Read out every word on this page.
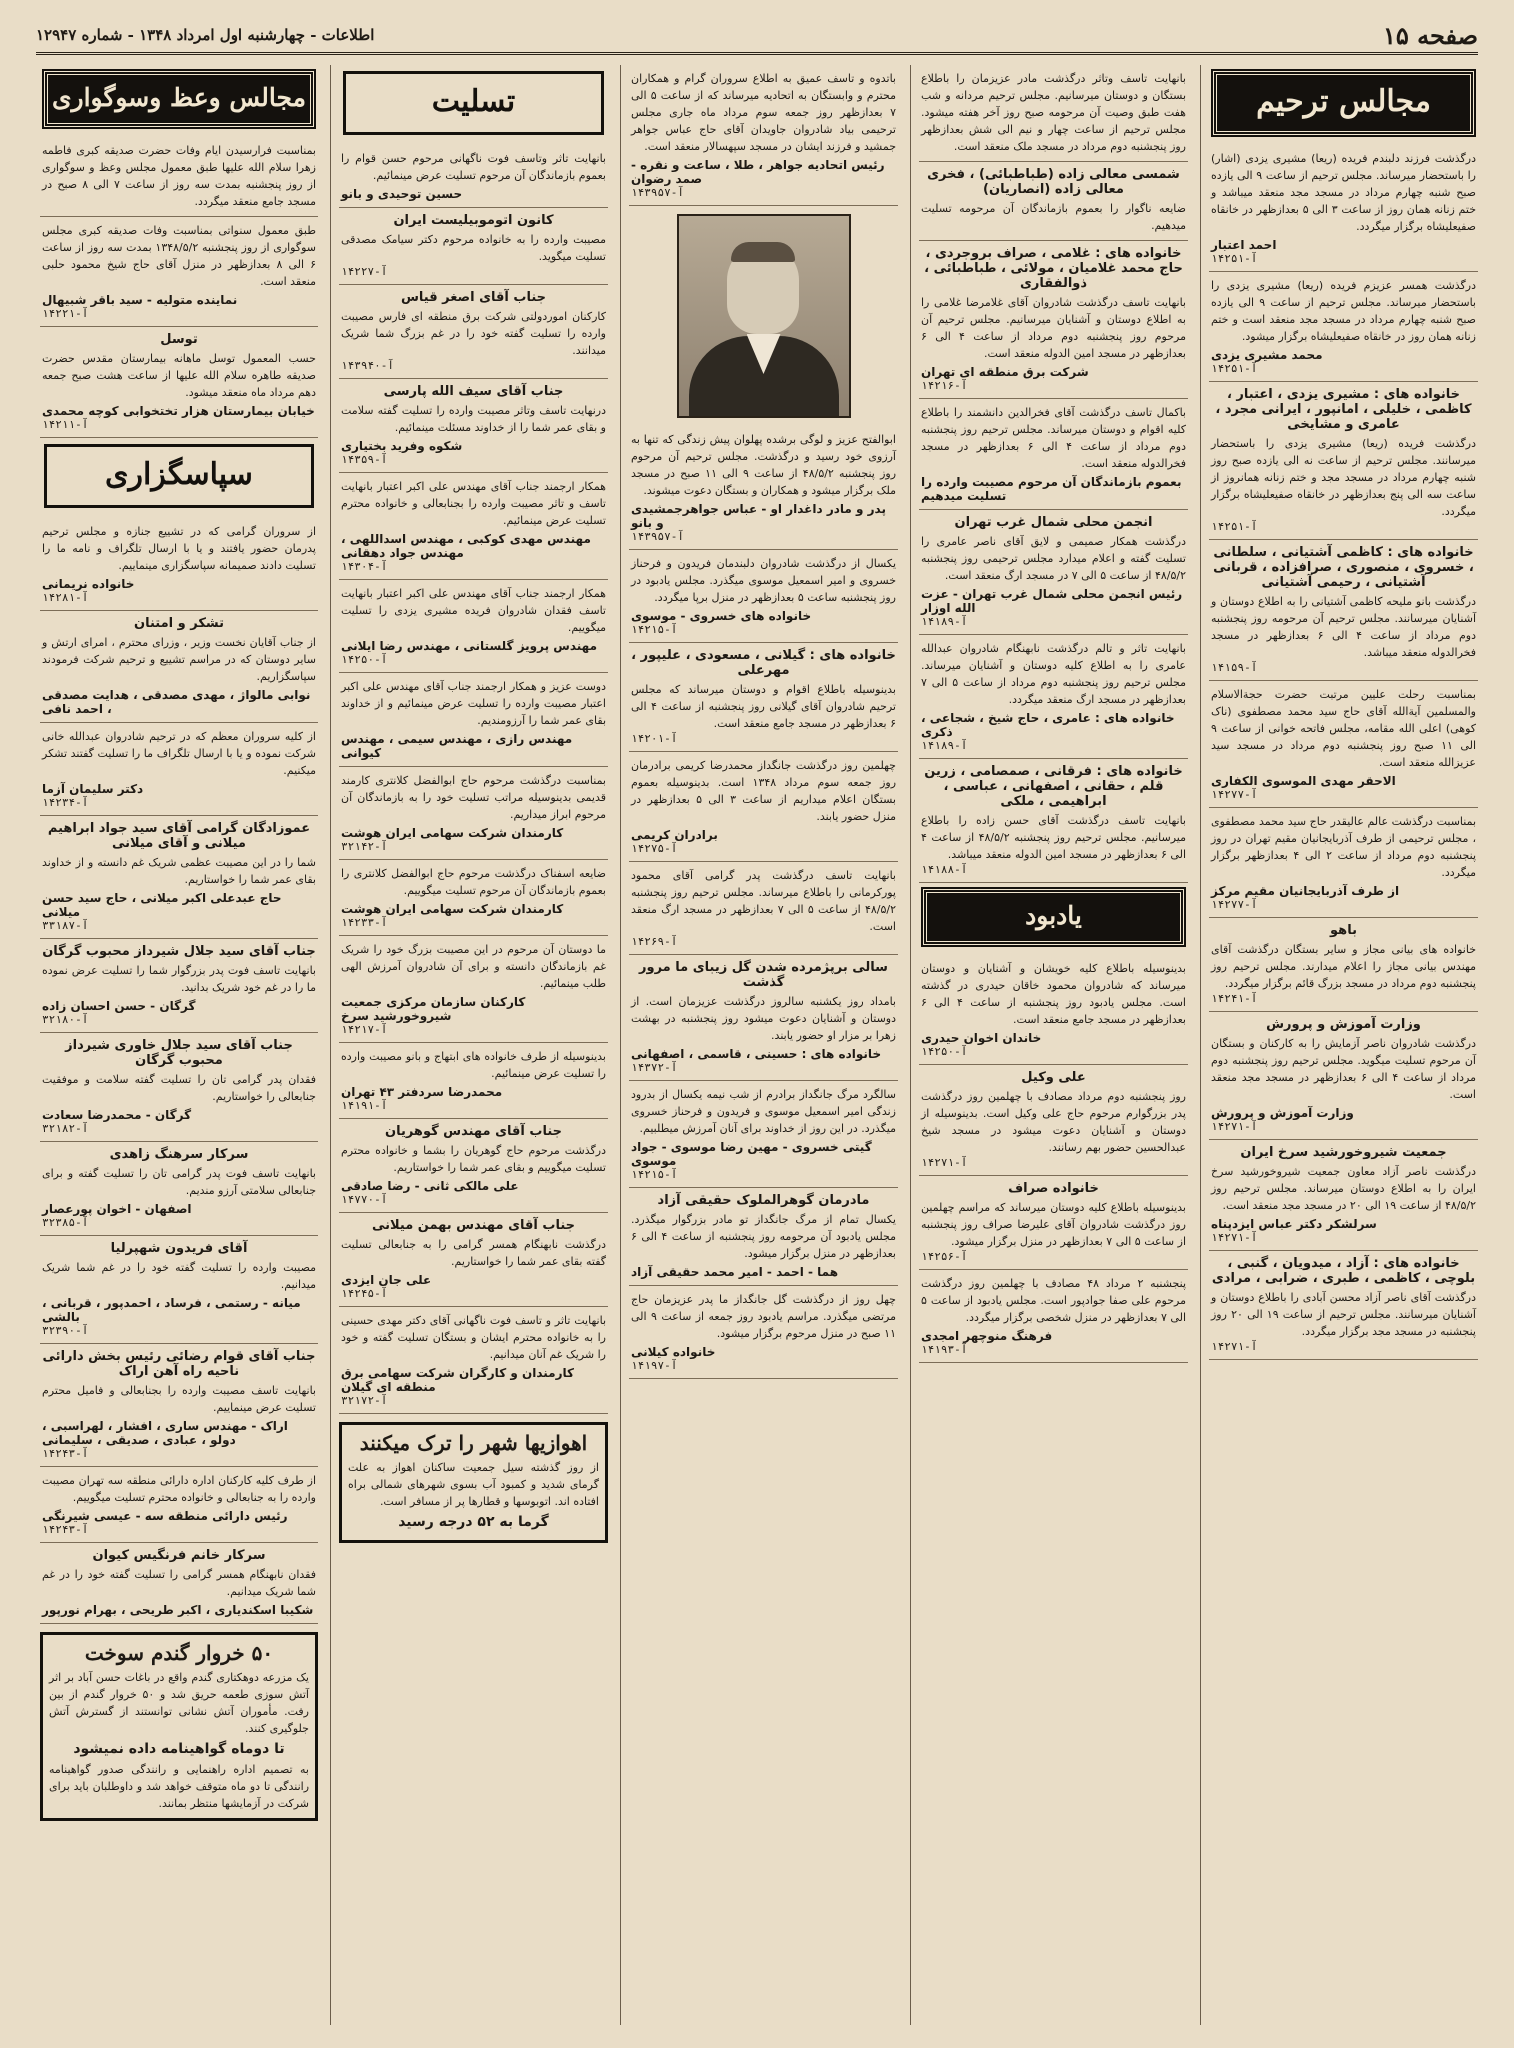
صفحه ۱۵
اطلاعات - چهارشنبه اول امرداد ۱۳۴۸ - شماره ۱۲۹۴۷
مجالس ترحیم
درگذشت فرزند دلبندم فریده (ریعا) مشیری یزدی (اشار) را باستحضار میرساند. مجلس ترحیم از ساعت ۹ الی یازده صبح شنبه چهارم مرداد در مسجد مجد منعقد میباشد و ختم زنانه همان روز از ساعت ۳ الی ۵ بعدازظهر در خانقاه صفیعلیشاه برگزار میگردد.
احمد اعتبار
آ-۱۴۲۵۱
درگذشت همسر عزیزم فریده (ریعا) مشیری یزدی را باستحضار میرساند. مجلس ترحیم از ساعت ۹ الی یازده صبح شنبه چهارم مرداد در مسجد مجد منعقد است و ختم زنانه همان روز در خانقاه صفیعلیشاه برگزار میشود.
محمد مشیری یزدی
آ-۱۴۲۵۱
خانواده های : مشیری یزدی ، اعتبار ، کاظمی ، خلیلی ، امانپور ، ایرانی مجرد ، عامری و مشایخی
درگذشت فریده (ریعا) مشیری یزدی را باستحضار میرسانند. مجلس ترحیم از ساعت نه الی یازده صبح روز شنبه چهارم مرداد در مسجد مجد و ختم زنانه همانروز از ساعت سه الی پنج بعدازظهر در خانقاه صفیعلیشاه برگزار میگردد.
آ-۱۴۲۵۱
خانواده های : کاظمی آشتیانی ، سلطانی ، خسروی ، منصوری ، صرافزاده ، قربانی آشتیانی ، رحیمی آشتیانی
درگذشت بانو ملیحه کاظمی آشتیانی را به اطلاع دوستان و آشنایان میرسانند. مجلس ترحیم آن مرحومه روز پنجشنبه دوم مرداد از ساعت ۴ الی ۶ بعدازظهر در مسجد فخرالدوله منعقد میباشد.
آ-۱۴۱۵۹
بمناسبت رحلت علیین مرتبت حضرت حجةالاسلام والمسلمین آیةالله آقای حاج سید محمد مصطفوی (ناک کوهی) اعلی الله مقامه، مجلس فاتحه خوانی از ساعت ۹ الی ۱۱ صبح روز پنجشنبه دوم مرداد در مسجد سید عزیزالله منعقد است.
الاحقر مهدی الموسوی الکفاری
آ-۱۴۲۷۷
بمناسبت درگذشت عالم عالیقدر حاج سید محمد مصطفوی ، مجلس ترحیمی از طرف آذربایجانیان مقیم تهران در روز پنجشنبه دوم مرداد از ساعت ۲ الی ۴ بعدازظهر برگزار میگردد.
از طرف آذربایجانیان مقیم مرکز
آ-۱۴۲۷۷
باهو
خانواده های بیانی مجاز و سایر بستگان درگذشت آقای مهندس بیانی مجاز را اعلام میدارند. مجلس ترحیم روز پنجشنبه دوم مرداد در مسجد بزرگ قائم برگزار میگردد.
آ-۱۴۲۴۱
وزارت آموزش و پرورش
درگذشت شادروان ناصر آزمایش را به کارکنان و بستگان آن مرحوم تسلیت میگوید. مجلس ترحیم روز پنجشنبه دوم مرداد از ساعت ۴ الی ۶ بعدازظهر در مسجد مجد منعقد است.
وزارت آموزش و پرورش
آ-۱۴۲۷۱
جمعیت شیروخورشید سرخ ایران
درگذشت ناصر آزاد معاون جمعیت شیروخورشید سرخ ایران را به اطلاع دوستان میرساند. مجلس ترحیم روز ۴۸/۵/۲ از ساعت ۱۹ الی ۲۰ در مسجد مجد منعقد است.
سرلشکر دکتر عباس ایزدپناه
آ-۱۴۲۷۱
خانواده های : آزاد ، میدویان ، گنبی ، بلوچی ، کاظمی ، طبری ، ضرابی ، مرادی
درگذشت آقای ناصر آزاد محسن آبادی را باطلاع دوستان و آشنایان میرسانند. مجلس ترحیم از ساعت ۱۹ الی ۲۰ روز پنجشنبه در مسجد مجد برگزار میگردد.
آ-۱۴۲۷۱
بانهایت تاسف وتاثر درگذشت مادر عزیزمان را باطلاع بستگان و دوستان میرسانیم. مجلس ترحیم مردانه و شب هفت طبق وصیت آن مرحومه صبح روز آخر هفته میشود. مجلس ترحیم از ساعت چهار و نیم الی شش بعدازظهر روز پنجشنبه دوم مرداد در مسجد ملک منعقد است.
شمسی معالی زاده (طباطبائی) ، فخری معالی زاده (انصاریان)
ضایعه ناگوار را بعموم بازماندگان آن مرحومه تسلیت میدهیم.
خانواده های : غلامی ، صراف بروجردی ، حاج محمد غلامیان ، مولائی ، طباطبائی ، ذوالفقاری
بانهایت تاسف درگذشت شادروان آقای غلامرضا غلامی را به اطلاع دوستان و آشنایان میرسانیم. مجلس ترحیم آن مرحوم روز پنجشنبه دوم مرداد از ساعت ۴ الی ۶ بعدازظهر در مسجد امین الدوله منعقد است.
شرکت برق منطقه ای تهران
آ-۱۴۲۱۶
باکمال تاسف درگذشت آقای فخرالدین دانشمند را باطلاع کلیه اقوام و دوستان میرساند. مجلس ترحیم روز پنجشنبه دوم مرداد از ساعت ۴ الی ۶ بعدازظهر در مسجد فخرالدوله منعقد است.
بعموم بازماندگان آن مرحوم مصیبت وارده را تسلیت میدهیم
انجمن محلی شمال غرب تهران
درگذشت همکار صمیمی و لایق آقای ناصر عامری را تسلیت گفته و اعلام میدارد مجلس ترحیمی روز پنجشنبه ۴۸/۵/۲ از ساعت ۵ الی ۷ در مسجد ارگ منعقد است.
رئیس انجمن محلی شمال غرب تهران - عزت الله اوزار
آ-۱۴۱۸۹
بانهایت تاثر و تالم درگذشت نابهنگام شادروان عبدالله عامری را به اطلاع کلیه دوستان و آشنایان میرساند. مجلس ترحیم روز پنجشنبه دوم مرداد از ساعت ۵ الی ۷ بعدازظهر در مسجد ارگ منعقد میگردد.
خانواده های : عامری ، حاج شیخ ، شجاعی ، ذکری
آ-۱۴۱۸۹
خانواده های : فرقانی ، صمصامی ، زرین قلم ، حقانی ، اصفهانی ، عباسی ، ابراهیمی ، ملکی
بانهایت تاسف درگذشت آقای حسن زاده را باطلاع میرسانیم. مجلس ترحیم روز پنجشنبه ۴۸/۵/۲ از ساعت ۴ الی ۶ بعدازظهر در مسجد امین الدوله منعقد میباشد.
آ-۱۴۱۸۸
یادبود
بدینوسیله باطلاع کلیه خویشان و آشنایان و دوستان میرساند که شادروان محمود خاقان حیدری در گذشته است. مجلس یادبود روز پنجشنبه از ساعت ۴ الی ۶ بعدازظهر در مسجد جامع منعقد است.
خاندان اخوان حیدری
آ-۱۴۲۵۰
علی وکیل
روز پنجشنبه دوم مرداد مصادف با چهلمین روز درگذشت پدر بزرگوارم مرحوم حاج علی وکیل است. بدینوسیله از دوستان و آشنایان دعوت میشود در مسجد شیخ عبدالحسین حضور بهم رسانند.
آ-۱۴۲۷۱
خانواده صراف
بدینوسیله باطلاع کلیه دوستان میرساند که مراسم چهلمین روز درگذشت شادروان آقای علیرضا صراف روز پنجشنبه از ساعت ۵ الی ۷ بعدازظهر در منزل برگزار میشود.
آ-۱۴۲۵۶
پنجشنبه ۲ مرداد ۴۸ مصادف با چهلمین روز درگذشت مرحوم علی صفا جوادپور است. مجلس یادبود از ساعت ۵ الی ۷ بعدازظهر در منزل شخصی برگزار میگردد.
فرهنگ منوچهر امجدی
آ-۱۴۱۹۳
باتدوه و تاسف عمیق به اطلاع سروران گرام و همکاران محترم و وابستگان به اتحادیه میرساند که از ساعت ۵ الی ۷ بعدازظهر روز جمعه سوم مرداد ماه جاری مجلس ترحیمی بیاد شادروان جاویدان آقای حاج عباس جواهر جمشید و فرزند ایشان در مسجد سپهسالار منعقد است.
رئیس اتحادیه جواهر ، طلا ، ساعت و نقره - صمد رضوان
آ-۱۴۳۹۵۷
ابوالفتح عزیز و لوگی برشده پهلوان پیش زندگی که تنها به آرزوی خود رسید و درگذشت. مجلس ترحیم آن مرحوم روز پنجشنبه ۴۸/۵/۲ از ساعت ۹ الی ۱۱ صبح در مسجد ملک برگزار میشود و همکاران و بستگان دعوت میشوند.
پدر و مادر داغدار او - عباس جواهرجمشیدی و بانو
آ-۱۴۳۹۵۷
یکسال از درگذشت شادروان دلبندمان فریدون و فرحناز خسروی و امیر اسمعیل موسوی میگذرد. مجلس یادبود در روز پنجشنبه ساعت ۵ بعدازظهر در منزل برپا میگردد.
خانواده های خسروی - موسوی
آ-۱۴۲۱۵
خانواده های : گیلانی ، مسعودی ، علیپور ، مهرعلی
بدینوسیله باطلاع اقوام و دوستان میرساند که مجلس ترحیم شادروان آقای گیلانی روز پنجشنبه از ساعت ۴ الی ۶ بعدازظهر در مسجد جامع منعقد است.
آ-۱۴۲۰۱
چهلمین روز درگذشت جانگداز محمدرضا کریمی برادرمان روز جمعه سوم مرداد ۱۳۴۸ است. بدینوسیله بعموم بستگان اعلام میداریم از ساعت ۳ الی ۵ بعدازظهر در منزل حضور یابند.
برادران کریمی
آ-۱۴۲۷۵
بانهایت تاسف درگذشت پدر گرامی آقای محمود پورکرمانی را باطلاع میرساند. مجلس ترحیم روز پنجشنبه ۴۸/۵/۲ از ساعت ۵ الی ۷ بعدازظهر در مسجد ارگ منعقد است.
آ-۱۴۲۶۹
سالی برپژمرده شدن گل زیبای ما مرور گذشت
بامداد روز یکشنبه سالروز درگذشت عزیزمان است. از دوستان و آشنایان دعوت میشود روز پنجشنبه در بهشت زهرا بر مزار او حضور یابند.
خانواده های : حسینی ، قاسمی ، اصفهانی
آ-۱۴۳۷۲
سالگرد مرگ جانگداز برادرم از شب نیمه یکسال از بدرود زندگی امیر اسمعیل موسوی و فریدون و فرحناز خسروی میگذرد. در این روز از خداوند برای آنان آمرزش میطلبیم.
گیتی خسروی - مهین رضا موسوی - جواد موسوی
آ-۱۴۲۱۵
مادرمان گوهرالملوک حقیقی آزاد
یکسال تمام از مرگ جانگداز تو مادر بزرگوار میگذرد. مجلس یادبود آن مرحومه روز پنجشنبه از ساعت ۴ الی ۶ بعدازظهر در منزل برگزار میشود.
هما - احمد - امیر محمد حقیقی آزاد
چهل روز از درگذشت گل جانگداز ما پدر عزیزمان حاج مرتضی میگذرد. مراسم یادبود روز جمعه از ساعت ۹ الی ۱۱ صبح در منزل مرحوم برگزار میشود.
خانواده کیلانی
آ-۱۴۱۹۷
تسلیت
بانهایت تاثر وتاسف فوت ناگهانی مرحوم حسن قوام را بعموم بازماندگان آن مرحوم تسلیت عرض مینمائیم.
حسین توحیدی و بانو
کانون اتوموبیلیست ایران
مصیبت وارده را به خانواده مرحوم دکتر سیامک مصدقی تسلیت میگوید.
آ-۱۴۲۲۷
جناب آقای اصغر قیاس
کارکنان اموردولتی شرکت برق منطقه ای فارس مصیبت وارده را تسلیت گفته خود را در غم بزرگ شما شریک میدانند.
آ-۱۴۳۹۴۰
جناب آقای سیف الله پارسی
درنهایت تاسف وتاثر مصیبت وارده را تسلیت گفته سلامت و بقای عمر شما را از خداوند مسئلت مینمائیم.
شکوه وفرید بختیاری
آ-۱۴۳۵۹
همکار ارجمند جناب آقای مهندس علی اکبر اعتبار بانهایت تاسف و تاثر مصیبت وارده را بجنابعالی و خانواده محترم تسلیت عرض مینمائیم.
مهندس مهدی کوکبی ، مهندس اسداللهی ، مهندس جواد دهقانی
آ-۱۴۳۰۴
همکار ارجمند جناب آقای مهندس علی اکبر اعتبار بانهایت تاسف فقدان شادروان فریده مشیری یزدی را تسلیت میگوییم.
مهندس پرویز گلستانی ، مهندس رضا ایلانی
آ-۱۴۲۵۰
دوست عزیز و همکار ارجمند جناب آقای مهندس علی اکبر اعتبار مصیبت وارده را تسلیت عرض مینمائیم و از خداوند بقای عمر شما را آرزومندیم.
مهندس رازی ، مهندس سیمی ، مهندس کیوانی
بمناسبت درگذشت مرحوم حاج ابوالفضل کلانتری کارمند قدیمی بدینوسیله مراتب تسلیت خود را به بازماندگان آن مرحوم ابراز میداریم.
کارمندان شرکت سهامی ایران هوشت
آ-۳۲۱۴۲
ضایعه اسفناک درگذشت مرحوم حاج ابوالفضل کلانتری را بعموم بازماندگان آن مرحوم تسلیت میگوییم.
کارمندان شرکت سهامی ایران هوشت
آ-۱۴۲۳۳
ما دوستان آن مرحوم در این مصیبت بزرگ خود را شریک غم بازماندگان دانسته و برای آن شادروان آمرزش الهی طلب مینمائیم.
کارکنان سازمان مرکزی جمعیت شیروخورشید سرخ
آ-۱۴۲۱۷
بدینوسیله از طرف خانواده های ابتهاج و بانو مصیبت وارده را تسلیت عرض مینمائیم.
محمدرضا سردفتر ۴۳ تهران
آ-۱۴۱۹۱
جناب آقای مهندس گوهریان
درگذشت مرحوم حاج گوهریان را بشما و خانواده محترم تسلیت میگوییم و بقای عمر شما را خواستاریم.
علی مالکی ثانی - رضا صادقی
آ-۱۴۷۷۰
جناب آقای مهندس بهمن میلانی
درگذشت نابهنگام همسر گرامی را به جنابعالی تسلیت گفته بقای عمر شما را خواستاریم.
علی جان ایزدی
آ-۱۴۲۴۵
بانهایت تاثر و تاسف فوت ناگهانی آقای دکتر مهدی حسینی را به خانواده محترم ایشان و بستگان تسلیت گفته و خود را شریک غم آنان میدانیم.
کارمندان و کارگران شرکت سهامی برق منطقه ای گیلان
آ-۳۲۱۷۲
اهوازیها شهر را ترک میکنند
از روز گذشته سیل جمعیت ساکنان اهواز به علت گرمای شدید و کمبود آب بسوی شهرهای شمالی براه افتاده اند. اتوبوسها و قطارها پر از مسافر است.
گرما به ۵۲ درجه رسید
مجالس وعظ وسوگواری
بمناسبت فرارسیدن ایام وفات حضرت صدیقه کبری فاطمه زهرا سلام الله علیها طبق معمول مجلس وعظ و سوگواری از روز پنجشنبه بمدت سه روز از ساعت ۷ الی ۸ صبح در مسجد جامع منعقد میگردد.
طبق معمول سنواتی بمناسبت وفات صدیقه کبری مجلس سوگواری از روز پنجشنبه ۱۳۴۸/۵/۲ بمدت سه روز از ساعت ۶ الی ۸ بعدازظهر در منزل آقای حاج شیخ محمود حلبی منعقد است.
نماینده متولیه - سید باقر شبیهال
آ-۱۴۲۲۱
توسل
حسب المعمول توسل ماهانه بیمارستان مقدس حضرت صدیقه طاهره سلام الله علیها از ساعت هشت صبح جمعه دهم مرداد ماه منعقد میشود.
خیابان بیمارستان هزار تختخوابی کوچه محمدی
آ-۱۴۲۱۱
سپاسگزاری
از سروران گرامی که در تشییع جنازه و مجلس ترحیم پدرمان حضور یافتند و یا با ارسال تلگراف و نامه ما را تسلیت دادند صمیمانه سپاسگزاری مینماییم.
خانواده نریمانی
آ-۱۴۲۸۱
تشکر و امتنان
از جناب آقایان نخست وزیر ، وزرای محترم ، امرای ارتش و سایر دوستان که در مراسم تشییع و ترحیم شرکت فرمودند سپاسگزاریم.
نوابی مالواژ ، مهدی مصدقی ، هدایت مصدقی ، احمد نافی
از کلیه سروران معظم که در ترحیم شادروان عبدالله خانی شرکت نموده و یا با ارسال تلگراف ما را تسلیت گفتند تشکر میکنیم.
دکتر سلیمان آزما
آ-۱۴۲۳۴
عموزادگان گرامی آقای سید جواد ابراهیم میلانی و آقای میلانی
شما را در این مصیبت عظمی شریک غم دانسته و از خداوند بقای عمر شما را خواستاریم.
حاج عبدعلی اکبر میلانی ، حاج سید حسن میلانی
آ-۳۳۱۸۷
جناب آقای سید جلال شیرداز محبوب گرگان
بانهایت تاسف فوت پدر بزرگوار شما را تسلیت عرض نموده ما را در غم خود شریک بدانید.
گرگان - حسن احسان زاده
آ-۳۲۱۸۰
جناب آقای سید جلال خاوری شیرداز محبوب گرگان
فقدان پدر گرامی تان را تسلیت گفته سلامت و موفقیت جنابعالی را خواستاریم.
گرگان - محمدرضا سعادت
آ-۳۲۱۸۲
سرکار سرهنگ زاهدی
بانهایت تاسف فوت پدر گرامی تان را تسلیت گفته و برای جنابعالی سلامتی آرزو مندیم.
اصفهان - اخوان پورعصار
آ-۳۲۳۸۵
آقای فریدون شهپرلیا
مصیبت وارده را تسلیت گفته خود را در غم شما شریک میدانیم.
میانه - رستمی ، فرساد ، احمدپور ، قربانی ، بالشی
آ-۳۲۳۹۰
جناب آقای قوام رضائی رئیس بخش دارائی ناحیه راه آهن اراک
بانهایت تاسف مصیبت وارده را بجنابعالی و فامیل محترم تسلیت عرض مینماییم.
اراک - مهندس ساری ، افشار ، لهراسبی ، دولو ، عبادی ، صدیقی ، سلیمانی
آ-۱۴۲۴۳
از طرف کلیه کارکنان اداره دارائی منطقه سه تهران مصیبت وارده را به جنابعالی و خانواده محترم تسلیت میگوییم.
رئیس دارائی منطقه سه - عیسی شیرنگی
آ-۱۴۲۴۳
سرکار خانم فرنگیس کیوان
فقدان نابهنگام همسر گرامی را تسلیت گفته خود را در غم شما شریک میدانیم.
شکیبا اسکندیاری ، اکبر طریحی ، بهرام نورپور
۵۰ خروار گندم سوخت
یک مزرعه دوهکتاری گندم واقع در باغات حسن آباد بر اثر آتش سوزی طعمه حریق شد و ۵۰ خروار گندم از بین رفت. مأموران آتش نشانی توانستند از گسترش آتش جلوگیری کنند.
تا دوماه گواهینامه داده نمیشود
به تصمیم اداره راهنمایی و رانندگی صدور گواهینامه رانندگی تا دو ماه متوقف خواهد شد و داوطلبان باید برای شرکت در آزمایشها منتظر بمانند.
